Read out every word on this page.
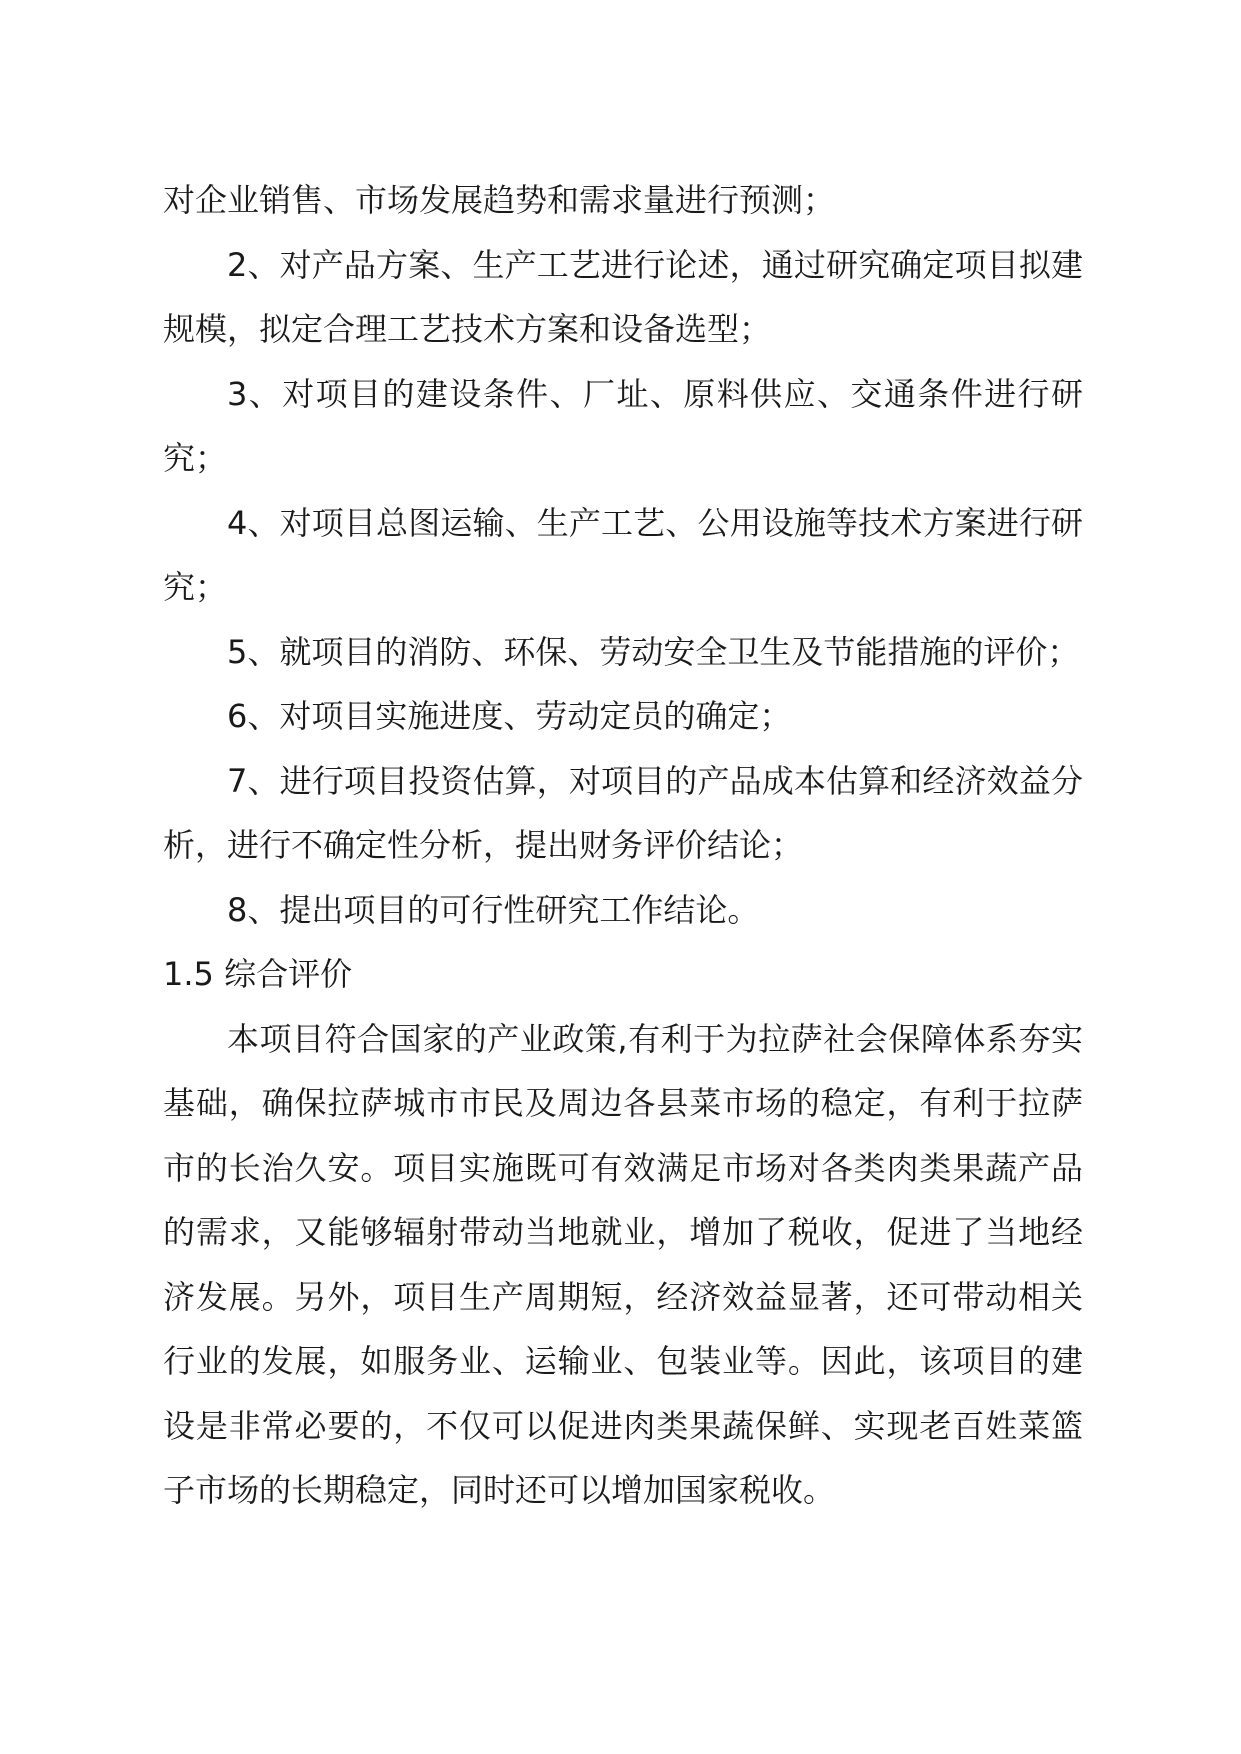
对企业销售、市场发展趋势和需求量进行预测；

2、对产品方案、生产工艺进行论述，通过研究确定项目拟建规模，拟定合理工艺技术方案和设备选型；

3、对项目的建设条件、厂址、原料供应、交通条件进行研究；

4、对项目总图运输、生产工艺、公用设施等技术方案进行研究；

5、就项目的消防、环保、劳动安全卫生及节能措施的评价；

6、对项目实施进度、劳动定员的确定；

7、进行项目投资估算，对项目的产品成本估算和经济效益分析，进行不确定性分析，提出财务评价结论；

8、提出项目的可行性研究工作结论。

1.5 综合评价

本项目符合国家的产业政策,有利于为拉萨社会保障体系夯实基础，确保拉萨城市市民及周边各县菜市场的稳定，有利于拉萨市的长治久安。项目实施既可有效满足市场对各类肉类果蔬产品的需求，又能够辐射带动当地就业，增加了税收，促进了当地经济发展。另外，项目生产周期短，经济效益显著，还可带动相关行业的发展，如服务业、运输业、包装业等。因此，该项目的建设是非常必要的，不仅可以促进肉类果蔬保鲜、实现老百姓菜篮子市场的长期稳定，同时还可以增加国家税收。
